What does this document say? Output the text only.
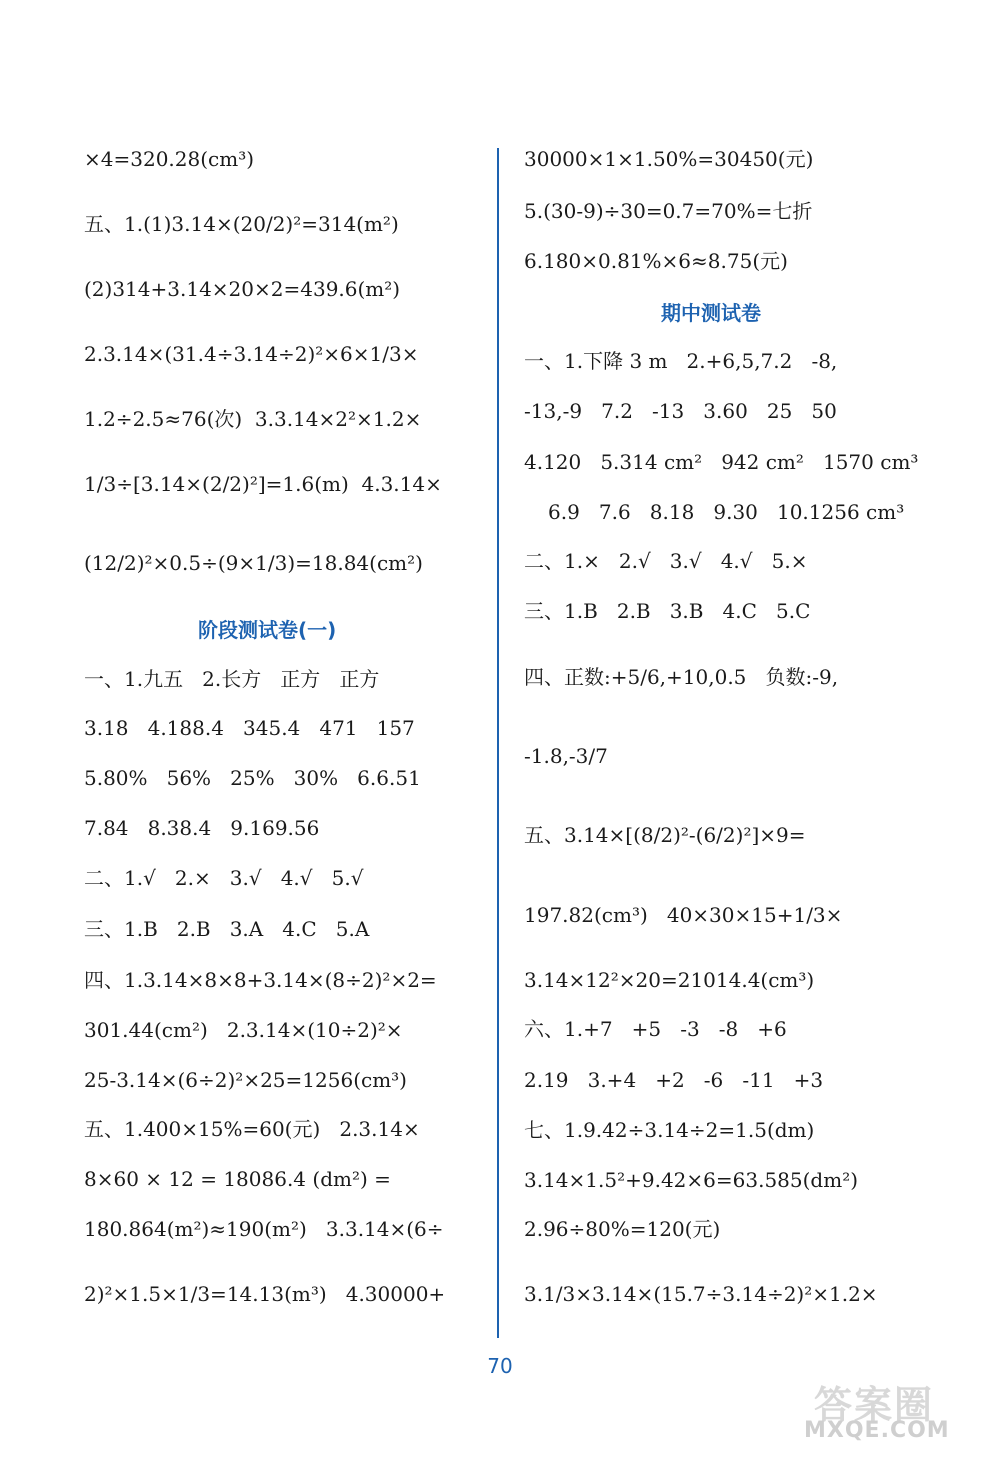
×4=320.28(cm³)
五、1.(1)3.14×(20/2)²=314(m²)
(2)314+3.14×20×2=439.6(m²)
2.3.14×(31.4÷3.14÷2)²×6×1/3×
1.2÷2.5≈76(次)  3.3.14×2²×1.2×
1/3÷[3.14×(2/2)²]=1.6(m)  4.3.14×
(12/2)²×0.5÷(9×1/3)=18.84(cm²)
阶段测试卷(一)
一、1.九五   2.长方   正方   正方
3.18   4.188.4   345.4   471   157
5.80%   56%   25%   30%   6.6.51
7.84   8.38.4   9.169.56
二、1.√   2.×   3.√   4.√   5.√
三、1.B   2.B   3.A   4.C   5.A
四、1.3.14×8×8+3.14×(8÷2)²×2=
301.44(cm²)   2.3.14×(10÷2)²×
25-3.14×(6÷2)²×25=1256(cm³)
五、1.400×15%=60(元)   2.3.14×
8×60 × 12 = 18086.4 (dm²) =
180.864(m²)≈190(m²)   3.3.14×(6÷
2)²×1.5×1/3=14.13(m³)   4.30000+
30000×1×1.50%=30450(元)
5.(30-9)÷30=0.7=70%=七折
6.180×0.81%×6≈8.75(元)
期中测试卷
一、1.下降 3 m   2.+6,5,7.2   -8,
-13,-9   7.2   -13   3.60   25   50
4.120   5.314 cm²   942 cm²   1570 cm³
6.9   7.6   8.18   9.30   10.1256 cm³
二、1.×   2.√   3.√   4.√   5.×
三、1.B   2.B   3.B   4.C   5.C
四、正数:+5/6,+10,0.5   负数:-9,
-1.8,-3/7
五、3.14×[(8/2)²-(6/2)²]×9=
197.82(cm³)   40×30×15+1/3×
3.14×12²×20=21014.4(cm³)
六、1.+7   +5   -3   -8   +6
2.19   3.+4   +2   -6   -11   +3
七、1.9.42÷3.14÷2=1.5(dm)
3.14×1.5²+9.42×6=63.585(dm²)
2.96÷80%=120(元)
3.1/3×3.14×(15.7÷3.14÷2)²×1.2×
70
答案圈
MXQE.COM
